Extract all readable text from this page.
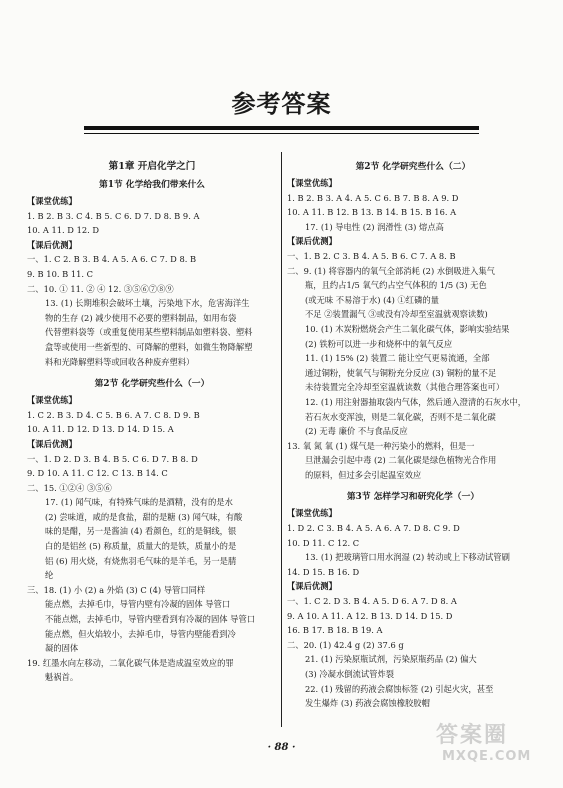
参考答案
第1章 开启化学之门
第1节 化学给我们带来什么
【课堂优练】
1. B 2. B 3. C 4. B 5. C 6. D 7. D 8. B 9. A
10. A 11. D 12. D
【课后优测】
一、1. C 2. B 3. B 4. A 5. A 6. C 7. D 8. B
9. B 10. B 11. C
二、10. ① 11. ② ④ 12. ③⑤⑥⑦⑧⑨
13. (1) 长期堆积会破坏土壤，污染地下水，危害海洋生
物的生存 (2) 减少使用不必要的塑料制品，如用布袋
代替塑料袋等（或重复使用某些塑料制品如塑料袋、塑料
盒等或使用一些新型的、可降解的塑料，如微生物降解塑
料和光降解塑料等或回收各种废弃塑料）
第2节 化学研究些什么（一）
【课堂优练】
1. C 2. B 3. D 4. C 5. B 6. A 7. C 8. D 9. B
10. A 11. D 12. D 13. D 14. D 15. A
【课后优测】
一、1. D 2. D 3. B 4. B 5. C 6. D 7. B 8. D
9. D 10. A 11. C 12. C 13. B 14. C
二、15. ①②④ ③⑤⑥
17. (1) 闻气味，有特殊气味的是酒精，没有的是水
(2) 尝味道，咸的是食盐，甜的是糖 (3) 闻气味，有酸
味的是醋，另一是酱油 (4) 看颜色，红的是铜线，银
白的是铝丝 (5) 称质量，质量大的是铁，质量小的是
铝 (6) 用火烧，有烧焦羽毛气味的是羊毛，另一是腈
纶
三、18. (1) 小 (2) a 外焰 (3) C (4) 导管口同样
能点燃，去掉毛巾，导管内壁有冷凝的固体 导管口
不能点燃，去掉毛巾，导管内壁看到有冷凝的固体 导管口
能点燃，但火焰较小，去掉毛巾，导管内壁能看到冷
凝的固体
19. 红墨水向左移动，二氧化碳气体是造成温室效应的罪
魁祸首。
第2节 化学研究些什么（二）
【课堂优练】
1. B 2. B 3. A 4. A 5. C 6. B 7. B 8. A 9. D
10. A 11. B 12. B 13. B 14. B 15. B 16. A
17. (1) 导电性 (2) 润滑性 (3) 熔点高
【课后优测】
一、1. B 2. C 3. B 4. A 5. B 6. C 7. A 8. B
二、9. (1) 将容器内的氧气全部消耗 (2) 水倒吸进入集气
瓶，且约占1/5 氧气约占空气体积的 1/5 (3) 无色
(或无味 不易溶于水) (4) ①红磷的量
不足 ②装置漏气 ③或没有冷却至室温就观察读数)
10. (1) 木炭粉燃烧会产生二氧化碳气体，影响实验结果
(2) 铁粉可以进一步和烧杯中的氧气反应
11. (1) 15% (2) 装置二 能让空气更易流通，全部
通过铜粉，使氧气与铜粉充分反应 (3) 铜粉的量不足
未待装置完全冷却至室温就读数（其他合理答案也可）
12. (1) 用注射器抽取袋内气体，然后通入澄清的石灰水中，
若石灰水变浑浊，则是二氧化碳，否则不是二氧化碳
(2) 无毒 廉价 不与食品反应
13. 氧 氮 氧 (1) 煤气是一种污染小的燃料，但是一
旦泄漏会引起中毒 (2) 二氧化碳是绿色植物光合作用
的原料，但过多会引起温室效应
第3节 怎样学习和研究化学（一）
【课堂优练】
1. D 2. C 3. B 4. A 5. A 6. A 7. D 8. C 9. D
10. D 11. C 12. C
13. (1) 把玻璃管口用水润湿 (2) 转动或上下移动试管刷
14. D 15. B 16. D
【课后优测】
一、1. C 2. D 3. B 4. A 5. D 6. A 7. D 8. A
9. A 10. A 11. A 12. B 13. D 14. D 15. D
16. B 17. B 18. B 19. A
二、20. (1) 42.4 g (2) 37.6 g
21. (1) 污染原瓶试剂，污染原瓶药品 (2) 偏大
(3) 冷凝水倒流试管炸裂
22. (1) 残留的药液会腐蚀标签 (2) 引起火灾，甚至
发生爆炸 (3) 药液会腐蚀橡胶胶帽
· 88 ·	答案圈
MXQE.COM
